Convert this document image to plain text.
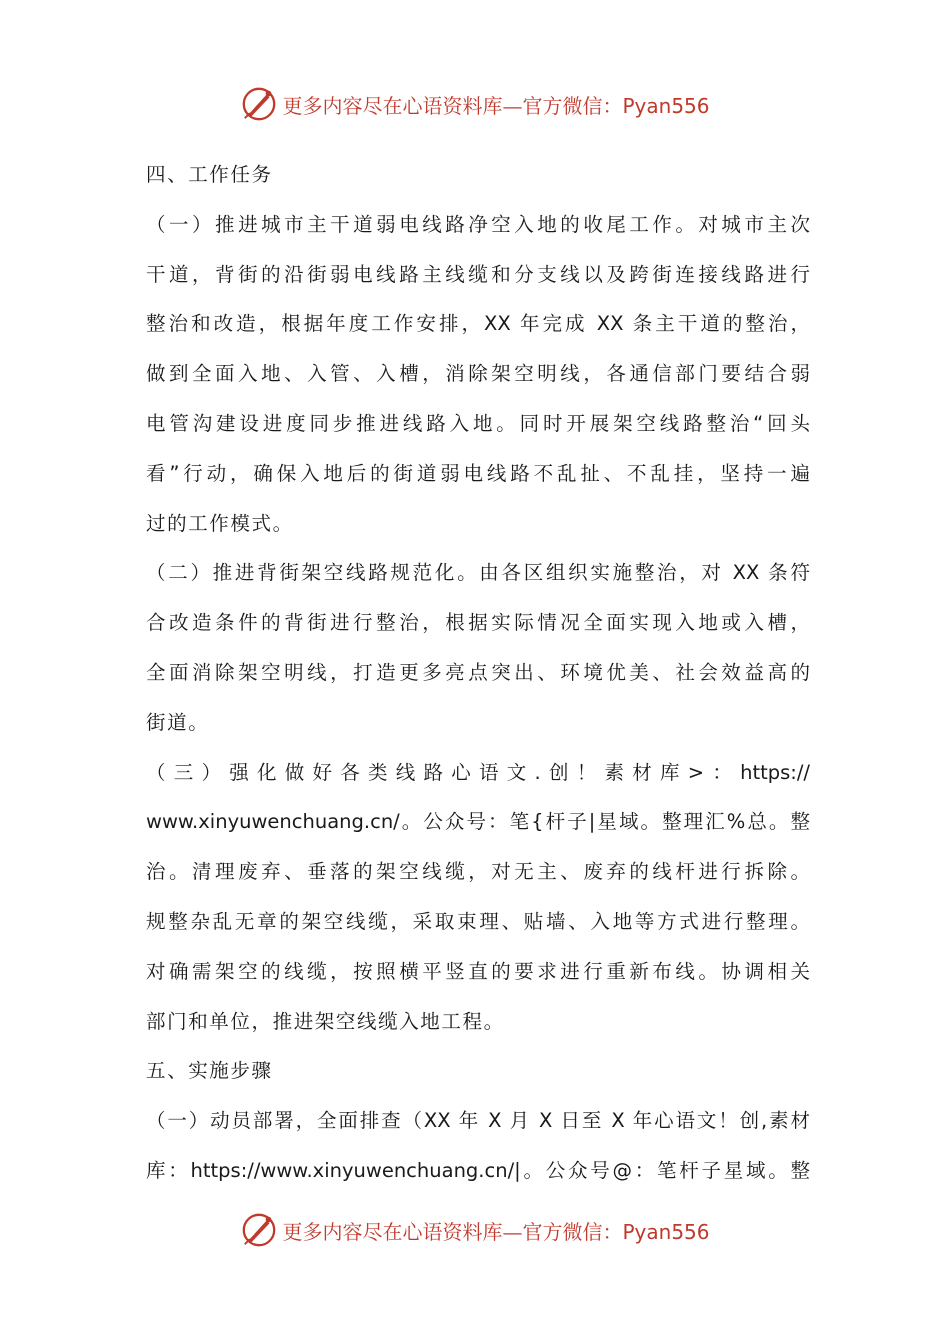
更多内容尽在心语资料库—官方微信：Pyan556
四、工作任务
（一）推进城市主干道弱电线路净空入地的收尾工作。对城市主次
干道，背街的沿街弱电线路主线缆和分支线以及跨街连接线路进行
整治和改造，根据年度工作安排，XX 年完成 XX 条主干道的整治，
做到全面入地、入管、入槽，消除架空明线，各通信部门要结合弱
电管沟建设进度同步推进线路入地。同时开展架空线路整治“回头
看”行动，确保入地后的街道弱电线路不乱扯、不乱挂，坚持一遍
过的工作模式。
（二）推进背街架空线路规范化。由各区组织实施整治，对 XX 条符
合改造条件的背街进行整治，根据实际情况全面实现入地或入槽，
全面消除架空明线，打造更多亮点突出、环境优美、社会效益高的
街道。
（三）强化做好各类线路心语文.创！素材库>：https://
www.xinyuwenchuang.cn/。公众号：笔{杆子|星域。整理汇%总。整
治。清理废弃、垂落的架空线缆，对无主、废弃的线杆进行拆除。
规整杂乱无章的架空线缆，采取束理、贴墙、入地等方式进行整理。
对确需架空的线缆，按照横平竖直的要求进行重新布线。协调相关
部门和单位，推进架空线缆入地工程。
五、实施步骤
（一）动员部署，全面排查（XX 年 X 月 X 日至 X 年心语文！创,素材
库：https://www.xinyuwenchuang.cn/|。公众号@：笔杆子星域。整
更多内容尽在心语资料库—官方微信：Pyan556
